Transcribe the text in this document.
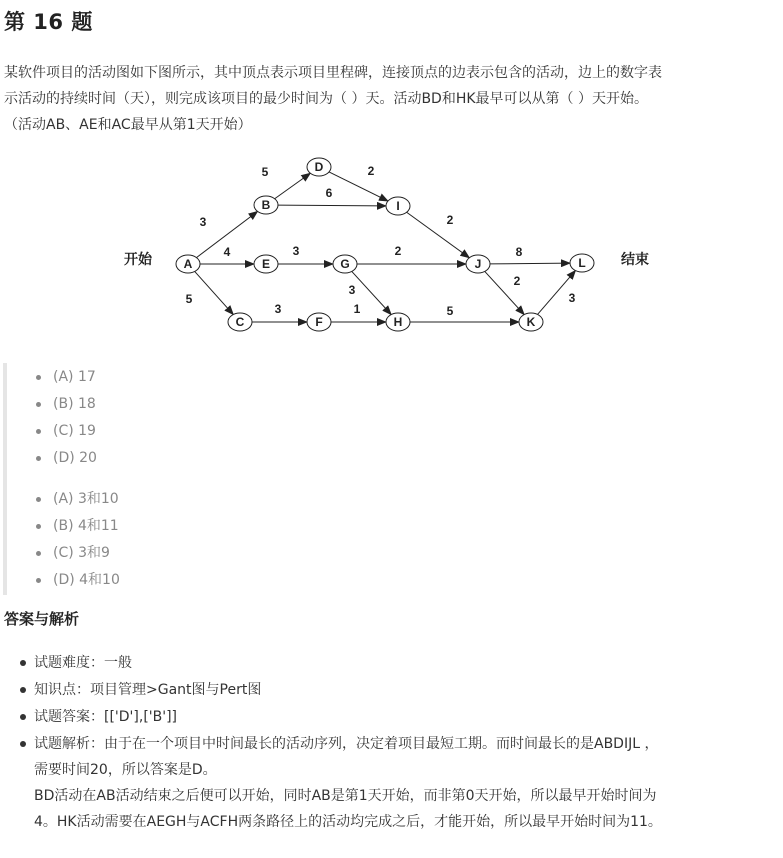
第 16 题

某软件项目的活动图如下图所示，其中顶点表示项目里程碑，连接顶点的边表示包含的活动，边上的数字表
示活动的持续时间（天），则完成该项目的最少时间为（ ）天。活动BD和HK最早可以从第（ ）天开始。
（活动AB、AE和AC最早从第1天开始）

3
4
5
5
6
2
3	2
3
3	1	5
2
8
2
3
A
B
C
D
E
F
G
H
I
J
K
L
开始	结束
(A) 17
(B) 18
(C) 19
(D) 20
(A) 3和10
(B) 4和11
(C) 3和9
(D) 4和10
答案与解析
试题难度：一般
知识点：项目管理>Gant图与Pert图
试题答案：[['D'],['B']]
试题解析：由于在一个项目中时间最长的活动序列，决定着项目最短工期。而时间最长的是ABDIJL ，
需要时间20，所以答案是D。
BD活动在AB活动结束之后便可以开始，同时AB是第1天开始，而非第0天开始，所以最早开始时间为
4。HK活动需要在AEGH与ACFH两条路径上的活动均完成之后，才能开始，所以最早开始时间为11。
